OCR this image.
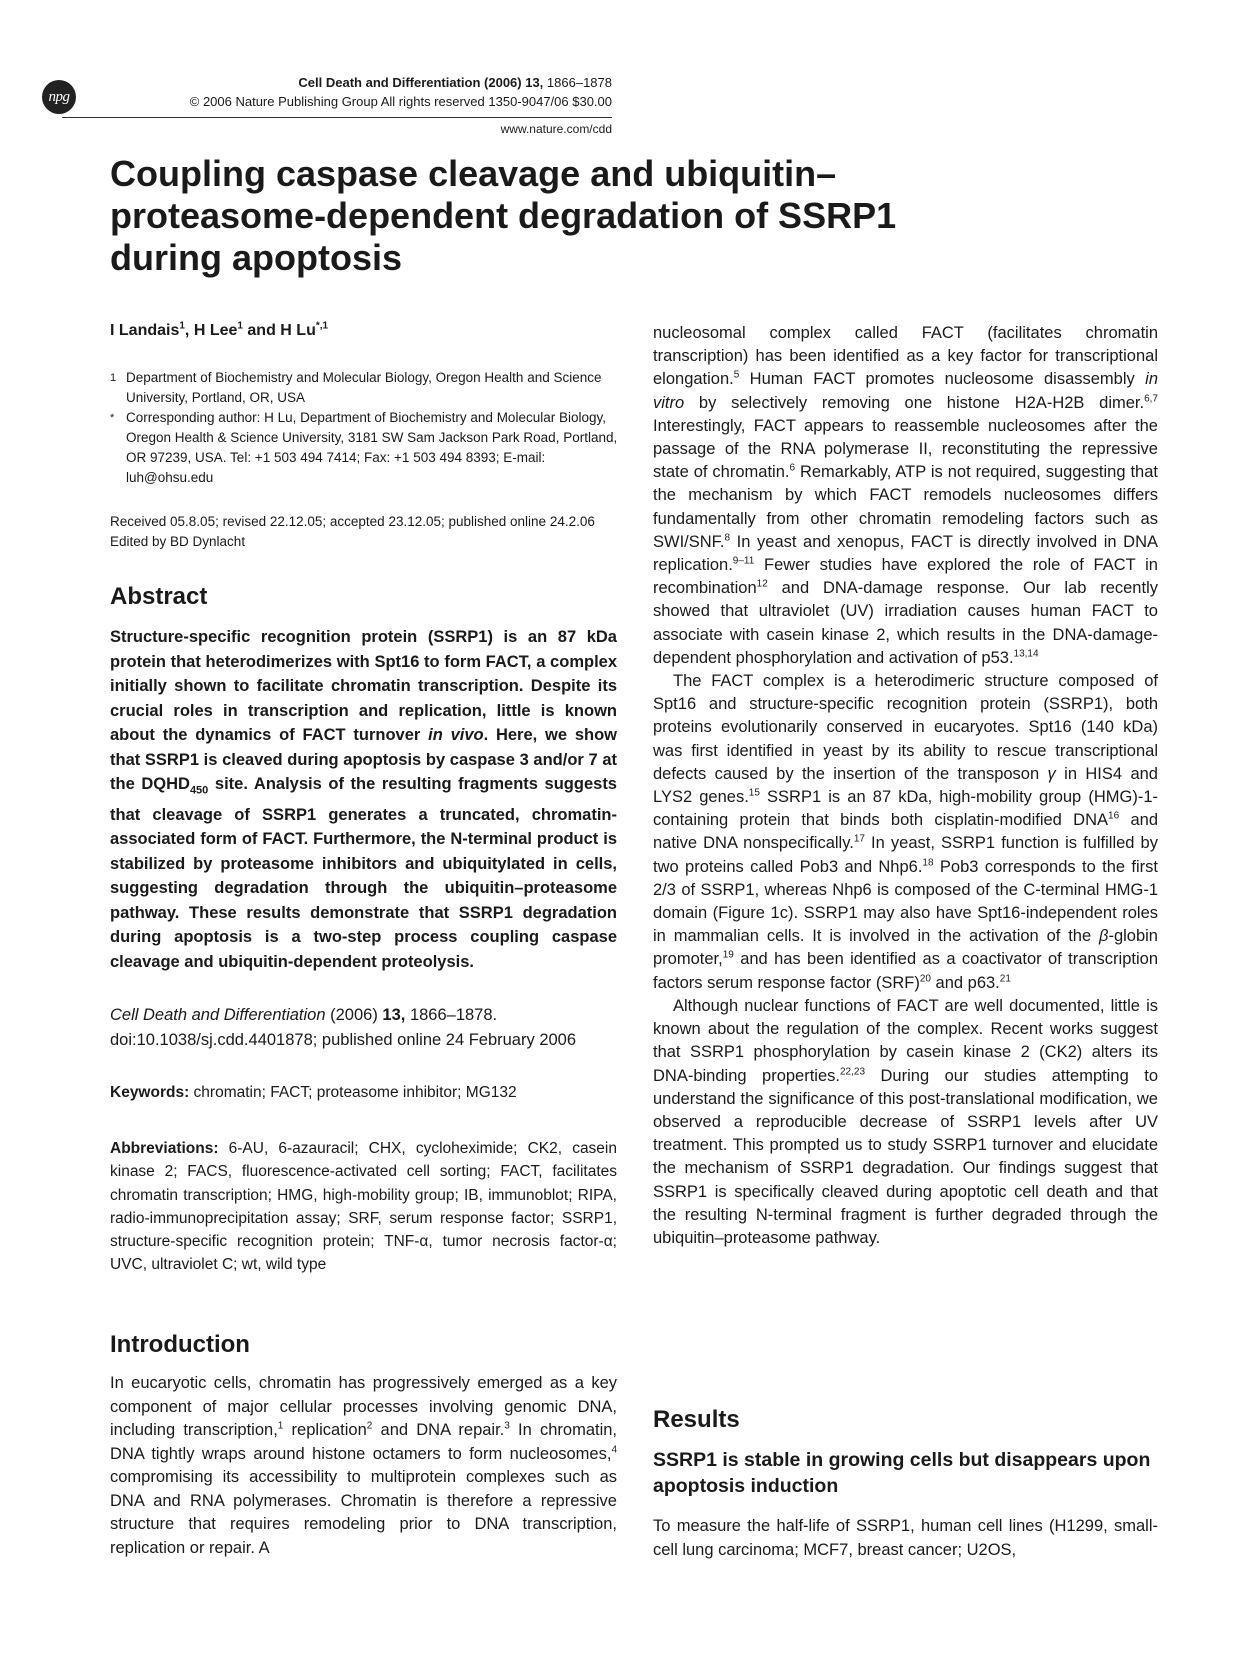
npg
Cell Death and Differentiation (2006) 13, 1866–1878
© 2006 Nature Publishing Group All rights reserved 1350-9047/06 $30.00
www.nature.com/cdd
Coupling caspase cleavage and ubiquitin–proteasome-dependent degradation of SSRP1 during apoptosis
I Landais$^1$, H Lee$^1$ and H $Lu^{*,1}$
1 Department of Biochemistry and Molecular Biology, Oregon Health and Science University, Portland, OR, USA
* Corresponding author: H Lu, Department of Biochemistry and Molecular Biology, Oregon Health & Science University, 3181 SW Sam Jackson Park Road, Portland, OR 97239, USA. Tel: +1 503 494 7414; Fax: +1 503 494 8393; E-mail: luh@ohsu.edu
Received 05.8.05; revised 22.12.05; accepted 23.12.05; published online 24.2.06
Edited by BD Dynlacht
Abstract

Structure-specific recognition protein (SSRP1) is an 87 kDa protein that heterodimerizes with Spt16 to form FACT, a complex initially shown to facilitate chromatin transcription. Despite its crucial roles in transcription and replication, little is known about the dynamics of FACT turnover in vivo. Here, we show that SSRP1 is cleaved during apoptosis by caspase 3 and/or 7 at the $DQHD_{450}$ site. Analysis of the resulting fragments suggests that cleavage of SSRP1 generates a truncated, chromatin-associated form of FACT. Furthermore, the N-terminal product is stabilized by proteasome inhibitors and ubiquitylated in cells, suggesting degradation through the ubiquitin–proteasome pathway. These results demonstrate that SSRP1 degradation during apoptosis is a two-step process coupling caspase cleavage and ubiquitin-dependent proteolysis.

Cell Death and Differentiation (2006) 13, 1866–1878.
doi:10.1038/sj.cdd.4401878; published online 24 February 2006

Keywords: chromatin; FACT; proteasome inhibitor; MG132

Abbreviations: 6-AU, 6-azauracil; CHX, cycloheximide; CK2, casein kinase 2; FACS, fluorescence-activated cell sorting; FACT, facilitates chromatin transcription; HMG, high-mobility group; IB, immunoblot; RIPA, radio-immunoprecipitation assay; SRF, serum response factor; SSRP1, structure-specific recognition protein; TNF-α, tumor necrosis factor-α; UVC, ultraviolet C; wt, wild type

Introduction

In eucaryotic cells, chromatin has progressively emerged as a key component of major cellular processes involving genomic DNA, including transcription,$^1$ replication$^2$ and DNA repair.$^3$ In chromatin, DNA tightly wraps around histone octamers to form nucleosomes,$^4$ compromising its accessibility to multiprotein complexes such as DNA and RNA polymerases. Chromatin is therefore a repressive structure that requires remodeling prior to DNA transcription, replication or repair. A

nucleosomal complex called FACT (facilitates chromatin transcription) has been identified as a key factor for transcriptional elongation.$^5$ Human FACT promotes nucleosome disassembly in vitro by selectively removing one histone H2A-H2B dimer.$^{6,7}$ Interestingly, FACT appears to reassemble nucleosomes after the passage of the RNA polymerase II, reconstituting the repressive state of chromatin.$^6$ Remarkably, ATP is not required, suggesting that the mechanism by which FACT remodels nucleosomes differs fundamentally from other chromatin remodeling factors such as SWI/SNF.$^8$ In yeast and xenopus, FACT is directly involved in DNA replication.$^{9-11}$ Fewer studies have explored the role of FACT in recombination$^{12}$ and DNA-damage response. Our lab recently showed that ultraviolet (UV) irradiation causes human FACT to associate with casein kinase 2, which results in the DNA-damage-dependent phosphorylation and activation of p53.$^{13,14}$

The FACT complex is a heterodimeric structure composed of Spt16 and structure-specific recognition protein (SSRP1), both proteins evolutionarily conserved in eucaryotes. Spt16 (140 kDa) was first identified in yeast by its ability to rescue transcriptional defects caused by the insertion of the transposon γ in HIS4 and LYS2 genes.$^{15}$ SSRP1 is an 87 kDa, high-mobility group (HMG)-1-containing protein that binds both cisplatin-modified DNA$^{16}$ and native DNA nonspecifically.$^{17}$ In yeast, SSRP1 function is fulfilled by two proteins called Pob3 and Nhp6.18 Pob3 corresponds to the first 2/3 of SSRP1, whereas Nhp6 is composed of the C-terminal HMG-1 domain (Figure 1c). SSRP1 may also have Spt16-independent roles in mammalian cells. It is involved in the activation of the β-globin promoter,$^{19}$ and has been identified as a coactivator of transcription factors serum response factor (SRF)$^{20}$ and p63.21

Although nuclear functions of FACT are well documented, little is known about the regulation of the complex. Recent works suggest that SSRP1 phosphorylation by casein kinase 2 (CK2) alters its DNA-binding properties.$^{22,23}$ During our studies attempting to understand the significance of this post-translational modification, we observed a reproducible decrease of SSRP1 levels after UV treatment. This prompted us to study SSRP1 turnover and elucidate the mechanism of SSRP1 degradation. Our findings suggest that SSRP1 is specifically cleaved during apoptotic cell death and that the resulting N-terminal fragment is further degraded through the ubiquitin–proteasome pathway.

Results
SSRP1 is stable in growing cells but disappears upon apoptosis induction

To measure the half-life of SSRP1, human cell lines (H1299, small-cell lung carcinoma; MCF7, breast cancer; U2OS,
